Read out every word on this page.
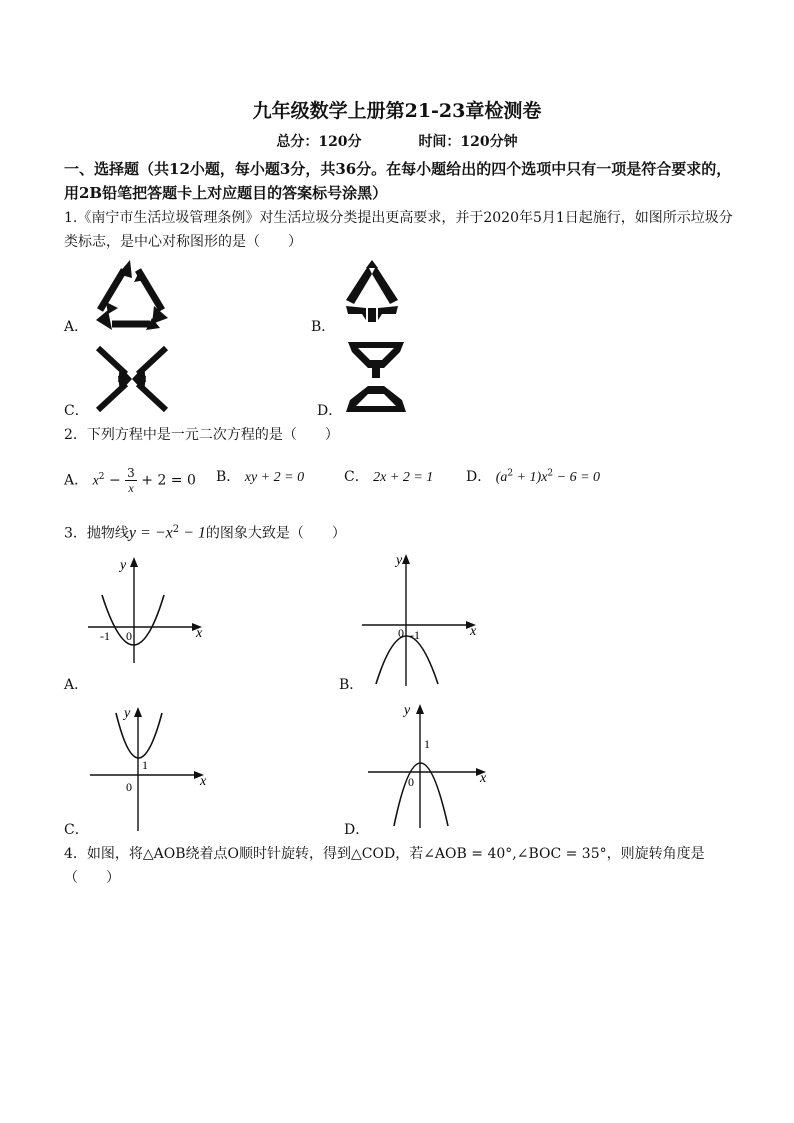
九年级数学上册第21-23章检测卷
总分：120分	时间：120分钟
一、选择题（共12小题，每小题3分，共36分。在每小题给出的四个选项中只有一项是符合要求的，用2B铅笔把答题卡上对应题目的答案标号涂黑）
1.《南宁市生活垃圾管理条例》对生活垃圾分类提出更高要求，并于2020年5月1日起施行，如图所示垃圾分类标志，是中心对称图形的是（　　）
A．	B．
C．	D．
2．下列方程中是一元二次方程的是（　　）
A． $x^2 - \frac{3}{x} + 2 = 0$ B． xy + 2 = 0	C． 2x + 2 = 1 D． $(a^2 + 1)x^2 - 6 = 0$
3．抛物线$y = -x^2 - 1$的图象大致是（　　）
A．
y
x
0
-1
B．
y
x
0 -1
C．
y
x
0
1
D．
y
x
0
1
4．如图，将△AOB绕着点O顺时针旋转，得到△COD，若∠AOB = 40°,∠BOC = 35°，则旋转角度是（　　）
